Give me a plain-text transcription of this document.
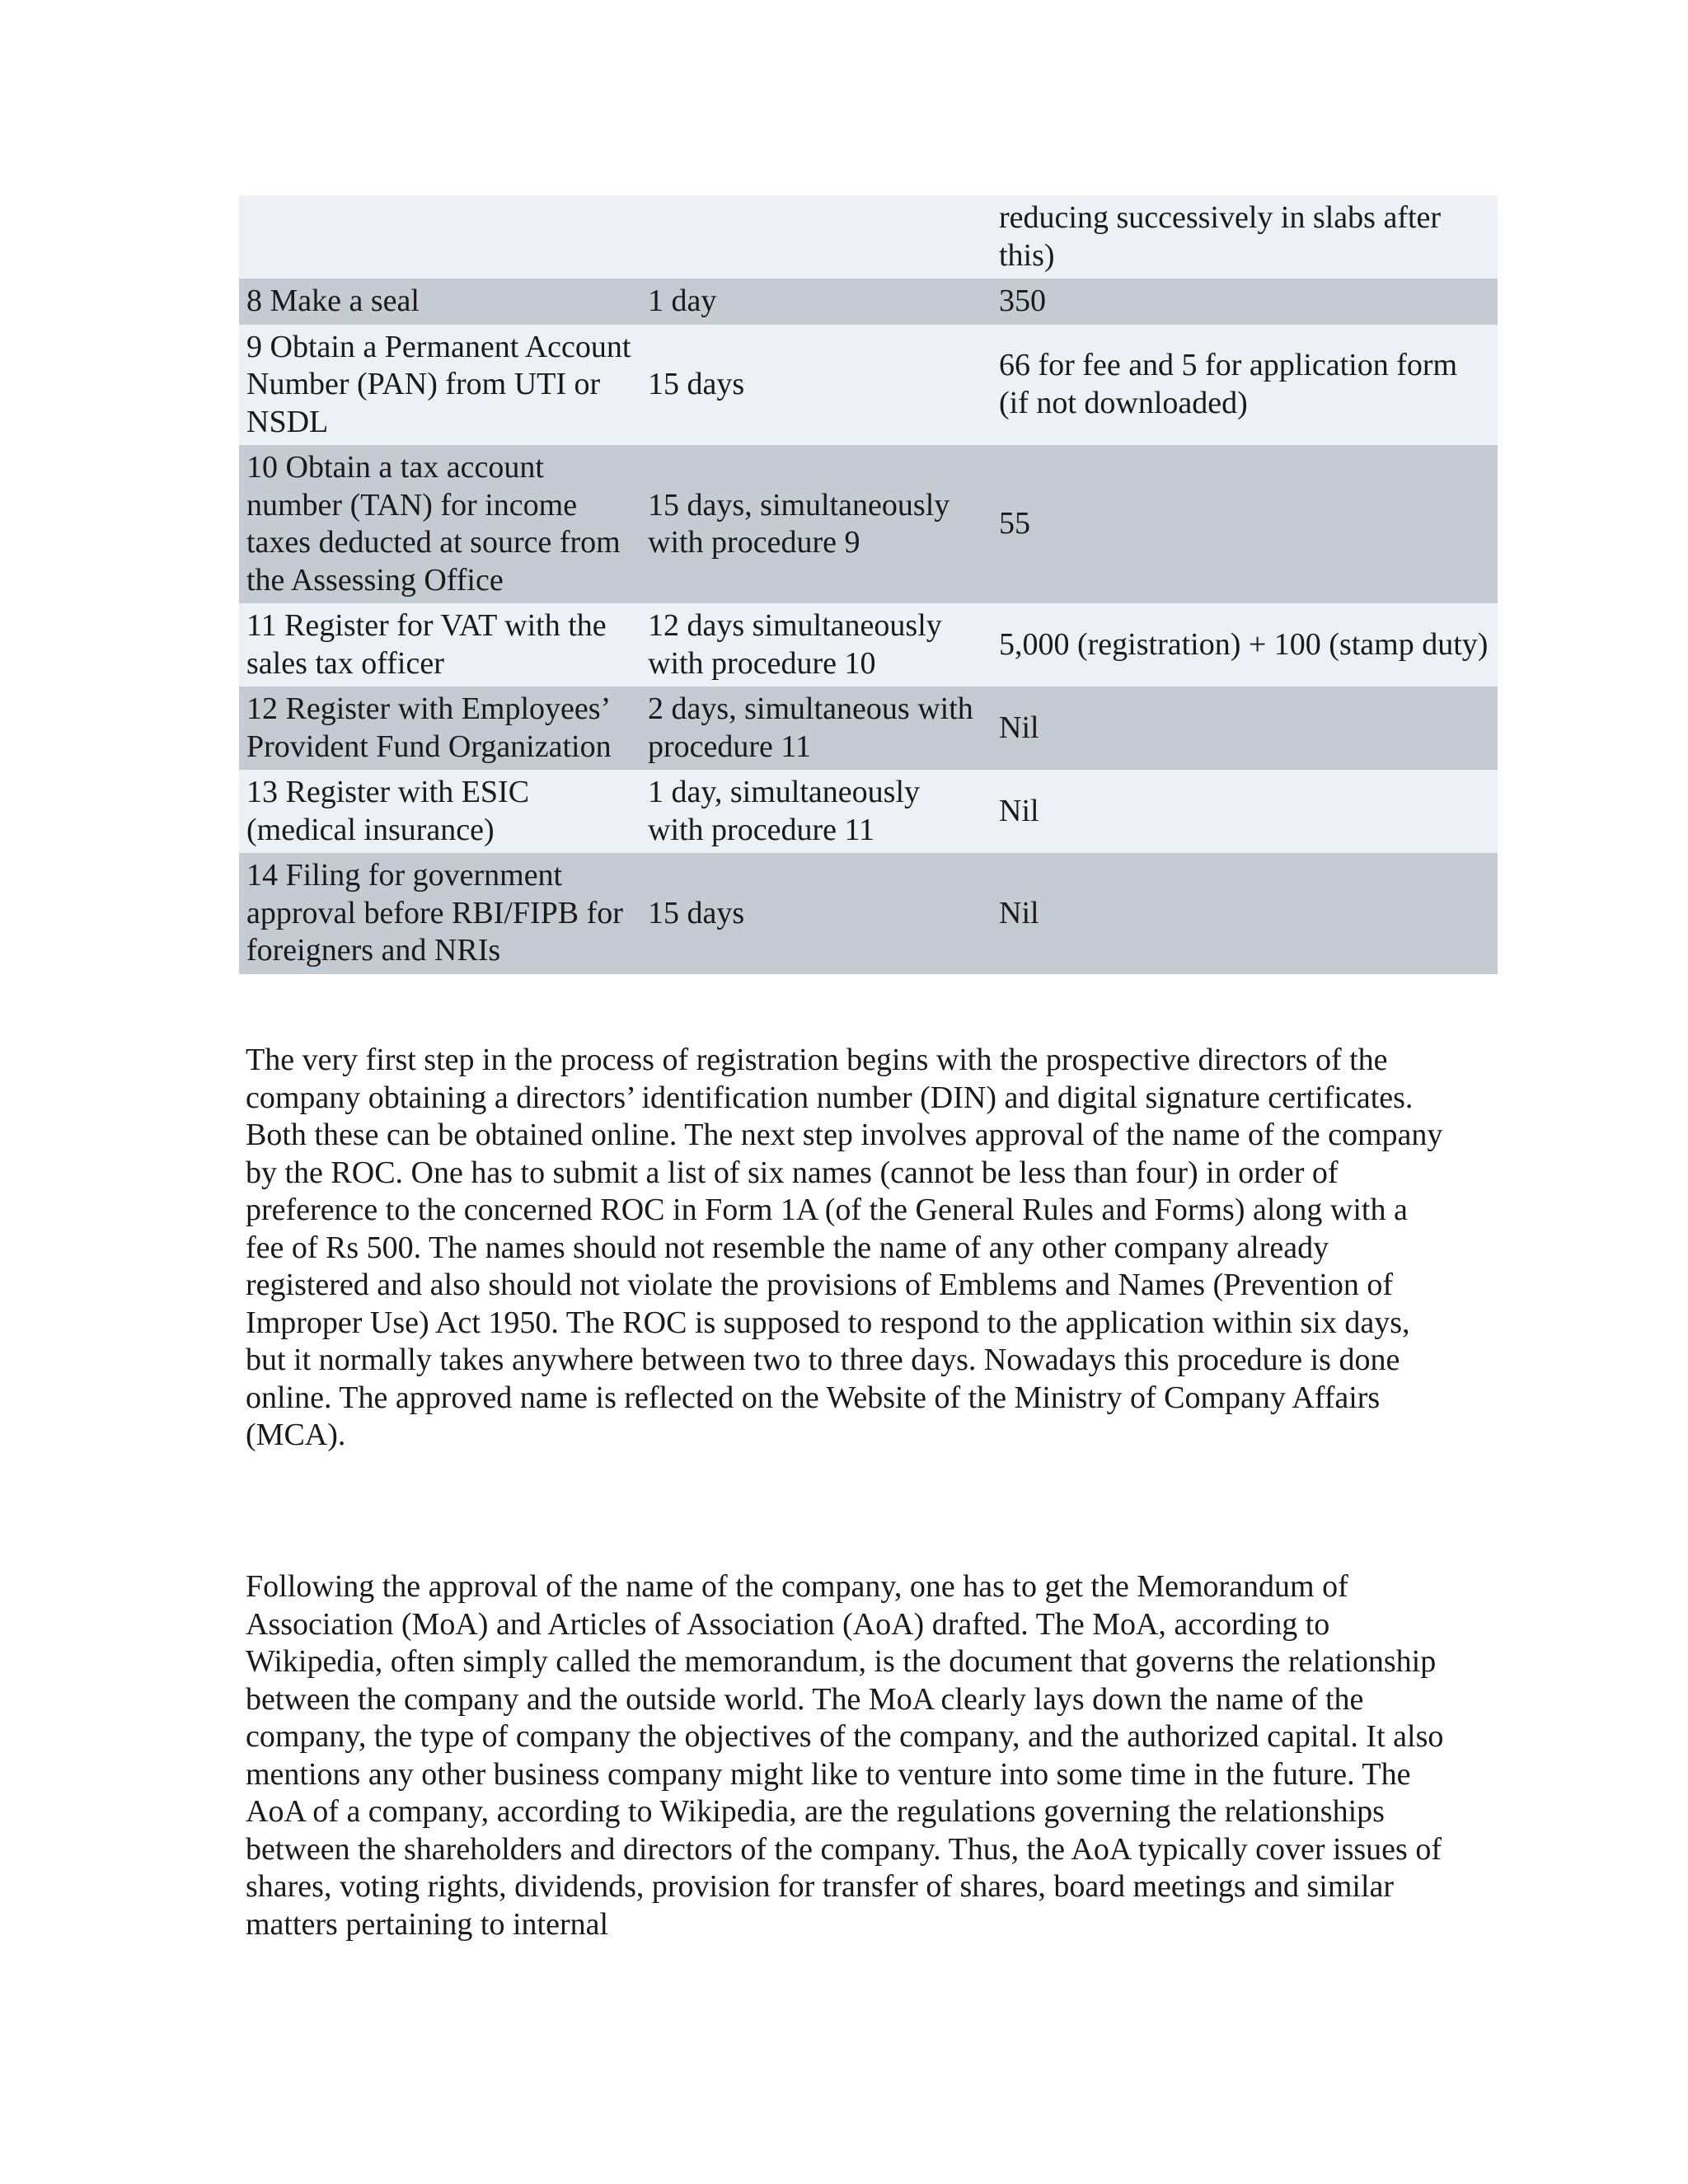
		reducing successively in slabs after this)
8 Make a seal	1 day	350
9 Obtain a Permanent Account Number (PAN) from UTI or NSDL	15 days	66 for fee and 5 for application form (if not downloaded)
10 Obtain a tax account number (TAN) for income taxes deducted at source from the Assessing Office	15 days, simultaneously with procedure 9	55
11 Register for VAT with the sales tax officer	12 days simultaneously with procedure 10	5,000 (registration) + 100 (stamp duty)
12 Register with Employees’ Provident Fund Organization	2 days, simultaneous with procedure 11	Nil
13 Register with ESIC (medical insurance)	1 day, simultaneously with procedure 11	Nil
14 Filing for government approval before RBI/FIPB for foreigners and NRIs	15 days	Nil

The very first step in the process of registration begins with the prospective directors of the company obtaining a directors’ identification number (DIN) and digital signature certificates. Both these can be obtained online. The next step involves approval of the name of the company by the ROC. One has to submit a list of six names (cannot be less than four) in order of preference to the concerned ROC in Form 1A (of the General Rules and Forms) along with a fee of Rs 500. The names should not resemble the name of any other company already registered and also should not violate the provisions of Emblems and Names (Prevention of Improper Use) Act 1950. The ROC is supposed to respond to the application within six days, but it normally takes anywhere between two to three days. Nowadays this procedure is done online. The approved name is reflected on the Website of the Ministry of Company Affairs (MCA).

Following the approval of the name of the company, one has to get the Memorandum of Association (MoA) and Articles of Association (AoA) drafted. The MoA, according to Wikipedia, often simply called the memorandum, is the document that governs the relationship between the company and the outside world. The MoA clearly lays down the name of the company, the type of company the objectives of the company, and the authorized capital. It also mentions any other business company might like to venture into some time in the future. The AoA of a company, according to Wikipedia, are the regulations governing the relationships between the shareholders and directors of the company. Thus, the AoA typically cover issues of shares, voting rights, dividends, provision for transfer of shares, board meetings and similar matters pertaining to internal
